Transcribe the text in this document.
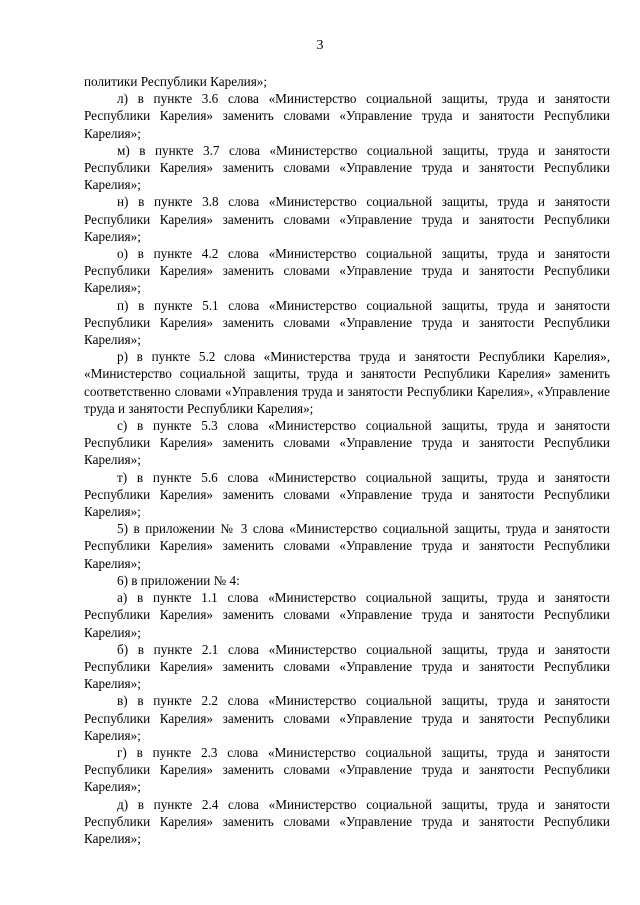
3

политики Республики Карелия»;

л) в пункте 3.6 слова «Министерство социальной защиты, труда и занятости Республики Карелия» заменить словами «Управление труда и занятости Республики Карелия»;

м) в пункте 3.7 слова «Министерство социальной защиты, труда и занятости Республики Карелия» заменить словами «Управление труда и занятости Республики Карелия»;

н) в пункте 3.8 слова «Министерство социальной защиты, труда и занятости Республики Карелия» заменить словами «Управление труда и занятости Республики Карелия»;

о) в пункте 4.2 слова «Министерство социальной защиты, труда и занятости Республики Карелия» заменить словами «Управление труда и занятости Республики Карелия»;

п) в пункте 5.1 слова «Министерство социальной защиты, труда и занятости Республики Карелия» заменить словами «Управление труда и занятости Республики Карелия»;

р) в пункте 5.2 слова «Министерства труда и занятости Республики Карелия», «Министерство социальной защиты, труда и занятости Республики Карелия» заменить соответственно словами «Управления труда и занятости Республики Карелия», «Управление труда и занятости Республики Карелия»;

с) в пункте 5.3 слова «Министерство социальной защиты, труда и занятости Республики Карелия» заменить словами «Управление труда и занятости Республики Карелия»;

т) в пункте 5.6 слова «Министерство социальной защиты, труда и занятости Республики Карелия» заменить словами «Управление труда и занятости Республики Карелия»;

5) в приложении № 3 слова «Министерство социальной защиты, труда и занятости Республики Карелия» заменить словами «Управление труда и занятости Республики Карелия»;

6) в приложении № 4:

а) в пункте 1.1 слова «Министерство социальной защиты, труда и занятости Республики Карелия» заменить словами «Управление труда и занятости Республики Карелия»;

б) в пункте 2.1 слова «Министерство социальной защиты, труда и занятости Республики Карелия» заменить словами «Управление труда и занятости Республики Карелия»;

в) в пункте 2.2 слова «Министерство социальной защиты, труда и занятости Республики Карелия» заменить словами «Управление труда и занятости Республики Карелия»;

г) в пункте 2.3 слова «Министерство социальной защиты, труда и занятости Республики Карелия» заменить словами «Управление труда и занятости Республики Карелия»;

д) в пункте 2.4 слова «Министерство социальной защиты, труда и занятости Республики Карелия» заменить словами «Управление труда и занятости Республики Карелия»;
